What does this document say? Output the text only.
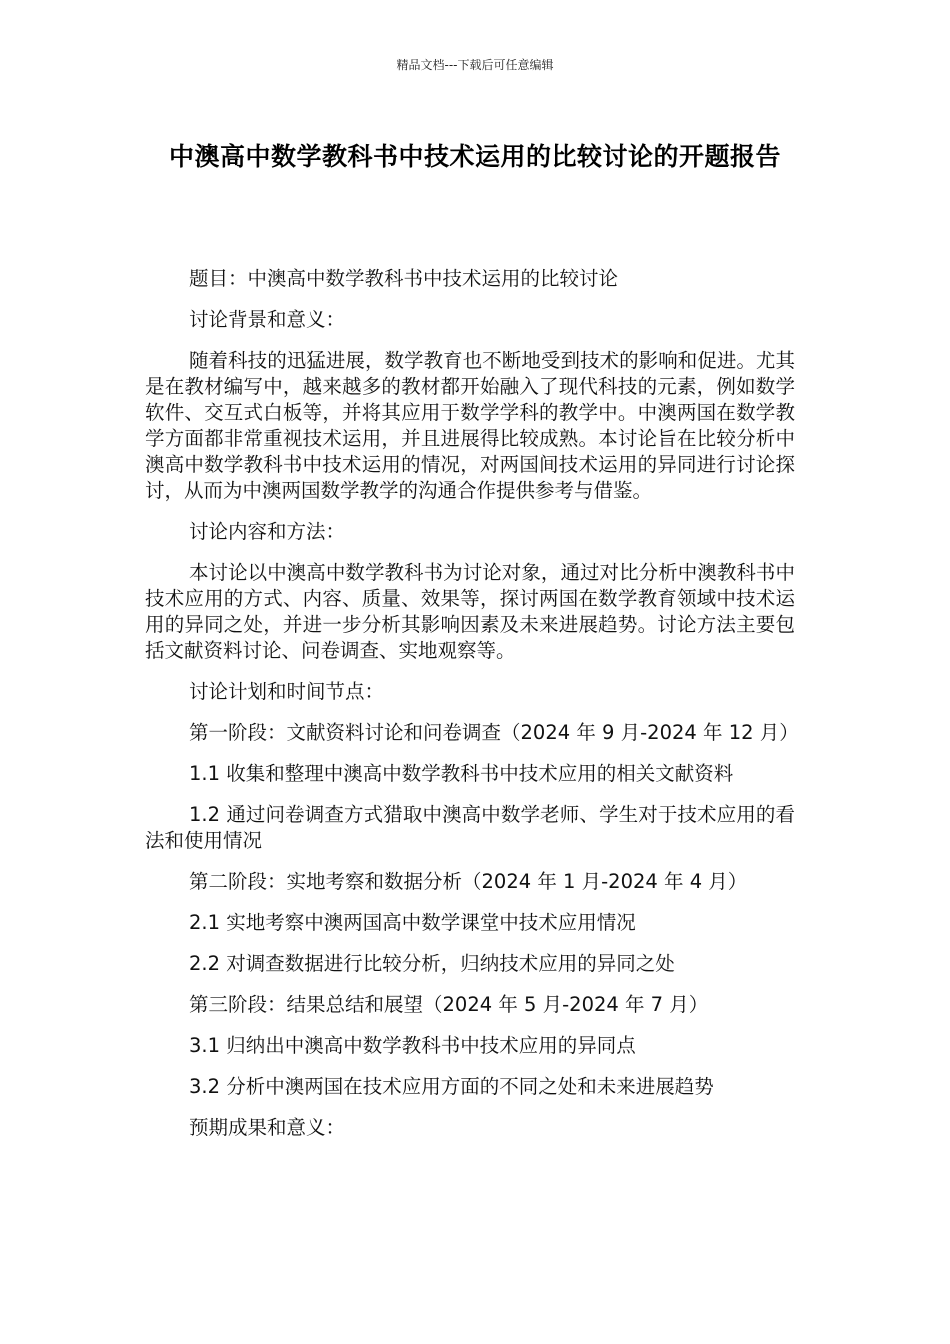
精品文档---下载后可任意编辑
中澳高中数学教科书中技术运用的比较讨论的开题报告

题目：中澳高中数学教科书中技术运用的比较讨论

讨论背景和意义：

随着科技的迅猛进展，数学教育也不断地受到技术的影响和促进。尤其是在教材编写中，越来越多的教材都开始融入了现代科技的元素，例如数学软件、交互式白板等，并将其应用于数学学科的教学中。中澳两国在数学教学方面都非常重视技术运用，并且进展得比较成熟。本讨论旨在比较分析中澳高中数学教科书中技术运用的情况，对两国间技术运用的异同进行讨论探讨，从而为中澳两国数学教学的沟通合作提供参考与借鉴。

讨论内容和方法：

本讨论以中澳高中数学教科书为讨论对象，通过对比分析中澳教科书中技术应用的方式、内容、质量、效果等，探讨两国在数学教育领域中技术运用的异同之处，并进一步分析其影响因素及未来进展趋势。讨论方法主要包括文献资料讨论、问卷调查、实地观察等。

讨论计划和时间节点：

第一阶段：文献资料讨论和问卷调查（2024 年 9 月-2024 年 12 月）

1.1 收集和整理中澳高中数学教科书中技术应用的相关文献资料

1.2 通过问卷调查方式猎取中澳高中数学老师、学生对于技术应用的看法和使用情况

第二阶段：实地考察和数据分析（2024 年 1 月-2024 年 4 月）

2.1 实地考察中澳两国高中数学课堂中技术应用情况

2.2 对调查数据进行比较分析，归纳技术应用的异同之处

第三阶段：结果总结和展望（2024 年 5 月-2024 年 7 月）

3.1 归纳出中澳高中数学教科书中技术应用的异同点

3.2 分析中澳两国在技术应用方面的不同之处和未来进展趋势

预期成果和意义：
